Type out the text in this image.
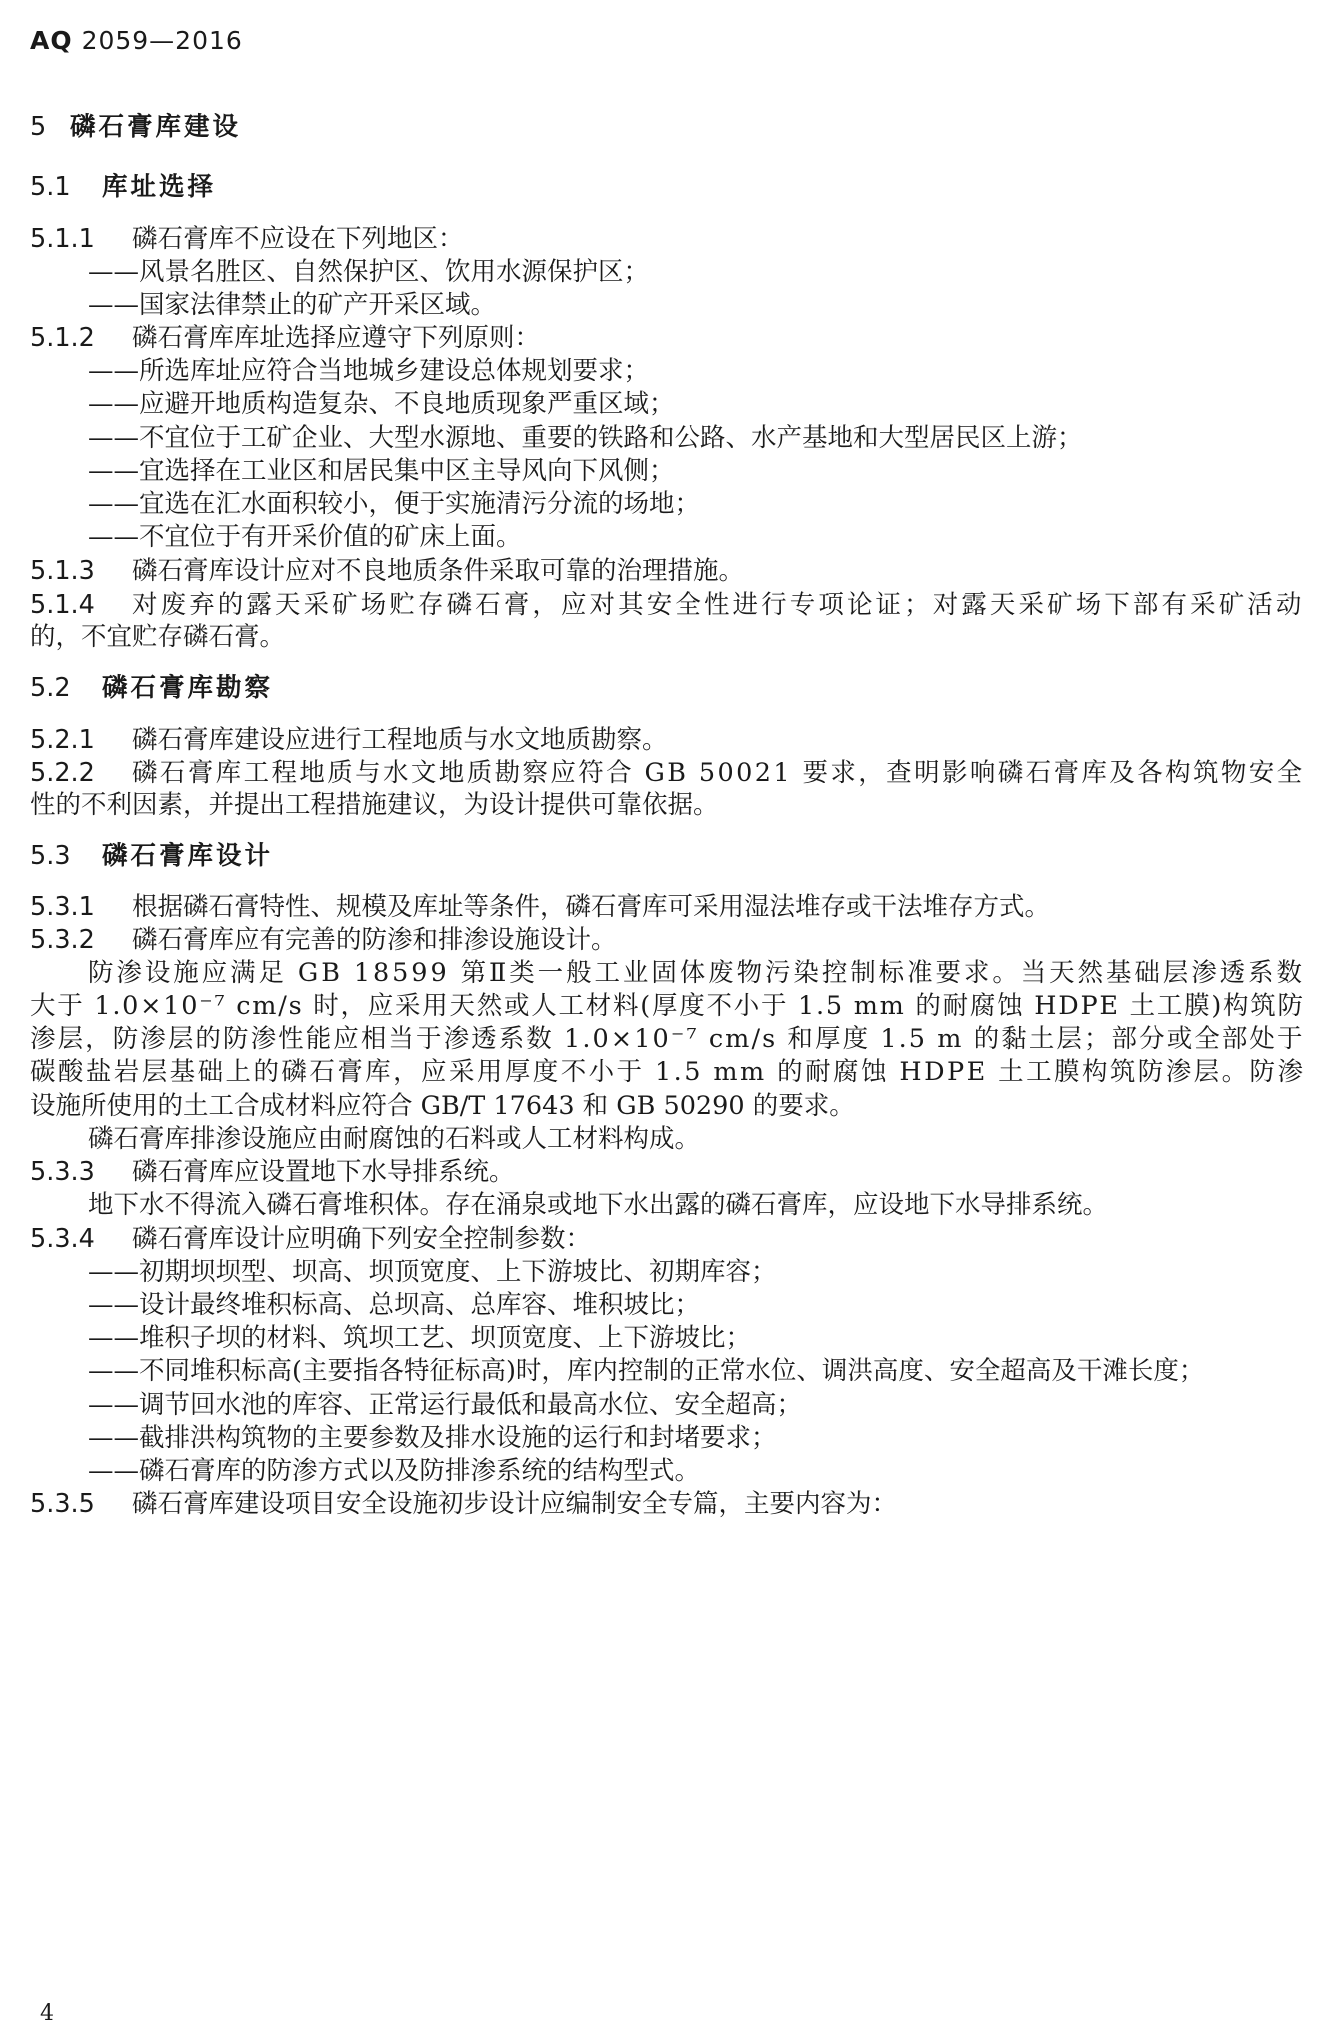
AQ 2059—2016
5 磷石膏库建设
5.1 库址选择
5.1.1 磷石膏库不应设在下列地区：
——风景名胜区、自然保护区、饮用水源保护区；
——国家法律禁止的矿产开采区域。
5.1.2 磷石膏库库址选择应遵守下列原则：
——所选库址应符合当地城乡建设总体规划要求；
——应避开地质构造复杂、不良地质现象严重区域；
——不宜位于工矿企业、大型水源地、重要的铁路和公路、水产基地和大型居民区上游；
——宜选择在工业区和居民集中区主导风向下风侧；
——宜选在汇水面积较小，便于实施清污分流的场地；
——不宜位于有开采价值的矿床上面。
5.1.3 磷石膏库设计应对不良地质条件采取可靠的治理措施。
5.1.4 对废弃的露天采矿场贮存磷石膏，应对其安全性进行专项论证；对露天采矿场下部有采矿活动
的，不宜贮存磷石膏。
5.2 磷石膏库勘察
5.2.1 磷石膏库建设应进行工程地质与水文地质勘察。
5.2.2 磷石膏库工程地质与水文地质勘察应符合 GB 50021 要求，查明影响磷石膏库及各构筑物安全
性的不利因素，并提出工程措施建议，为设计提供可靠依据。
5.3 磷石膏库设计
5.3.1 根据磷石膏特性、规模及库址等条件，磷石膏库可采用湿法堆存或干法堆存方式。
5.3.2 磷石膏库应有完善的防渗和排渗设施设计。
防渗设施应满足 GB 18599 第Ⅱ类一般工业固体废物污染控制标准要求。当天然基础层渗透系数
大于 1.0×10⁻⁷ cm/s 时，应采用天然或人工材料(厚度不小于 1.5 mm 的耐腐蚀 HDPE 土工膜)构筑防
渗层，防渗层的防渗性能应相当于渗透系数 1.0×10⁻⁷ cm/s 和厚度 1.5 m 的黏土层；部分或全部处于
碳酸盐岩层基础上的磷石膏库，应采用厚度不小于 1.5 mm 的耐腐蚀 HDPE 土工膜构筑防渗层。防渗
设施所使用的土工合成材料应符合 GB/T 17643 和 GB 50290 的要求。
磷石膏库排渗设施应由耐腐蚀的石料或人工材料构成。
5.3.3 磷石膏库应设置地下水导排系统。
地下水不得流入磷石膏堆积体。存在涌泉或地下水出露的磷石膏库，应设地下水导排系统。
5.3.4 磷石膏库设计应明确下列安全控制参数：
——初期坝坝型、坝高、坝顶宽度、上下游坡比、初期库容；
——设计最终堆积标高、总坝高、总库容、堆积坡比；
——堆积子坝的材料、筑坝工艺、坝顶宽度、上下游坡比；
——不同堆积标高(主要指各特征标高)时，库内控制的正常水位、调洪高度、安全超高及干滩长度；
——调节回水池的库容、正常运行最低和最高水位、安全超高；
——截排洪构筑物的主要参数及排水设施的运行和封堵要求；
——磷石膏库的防渗方式以及防排渗系统的结构型式。
5.3.5 磷石膏库建设项目安全设施初步设计应编制安全专篇，主要内容为：
4
